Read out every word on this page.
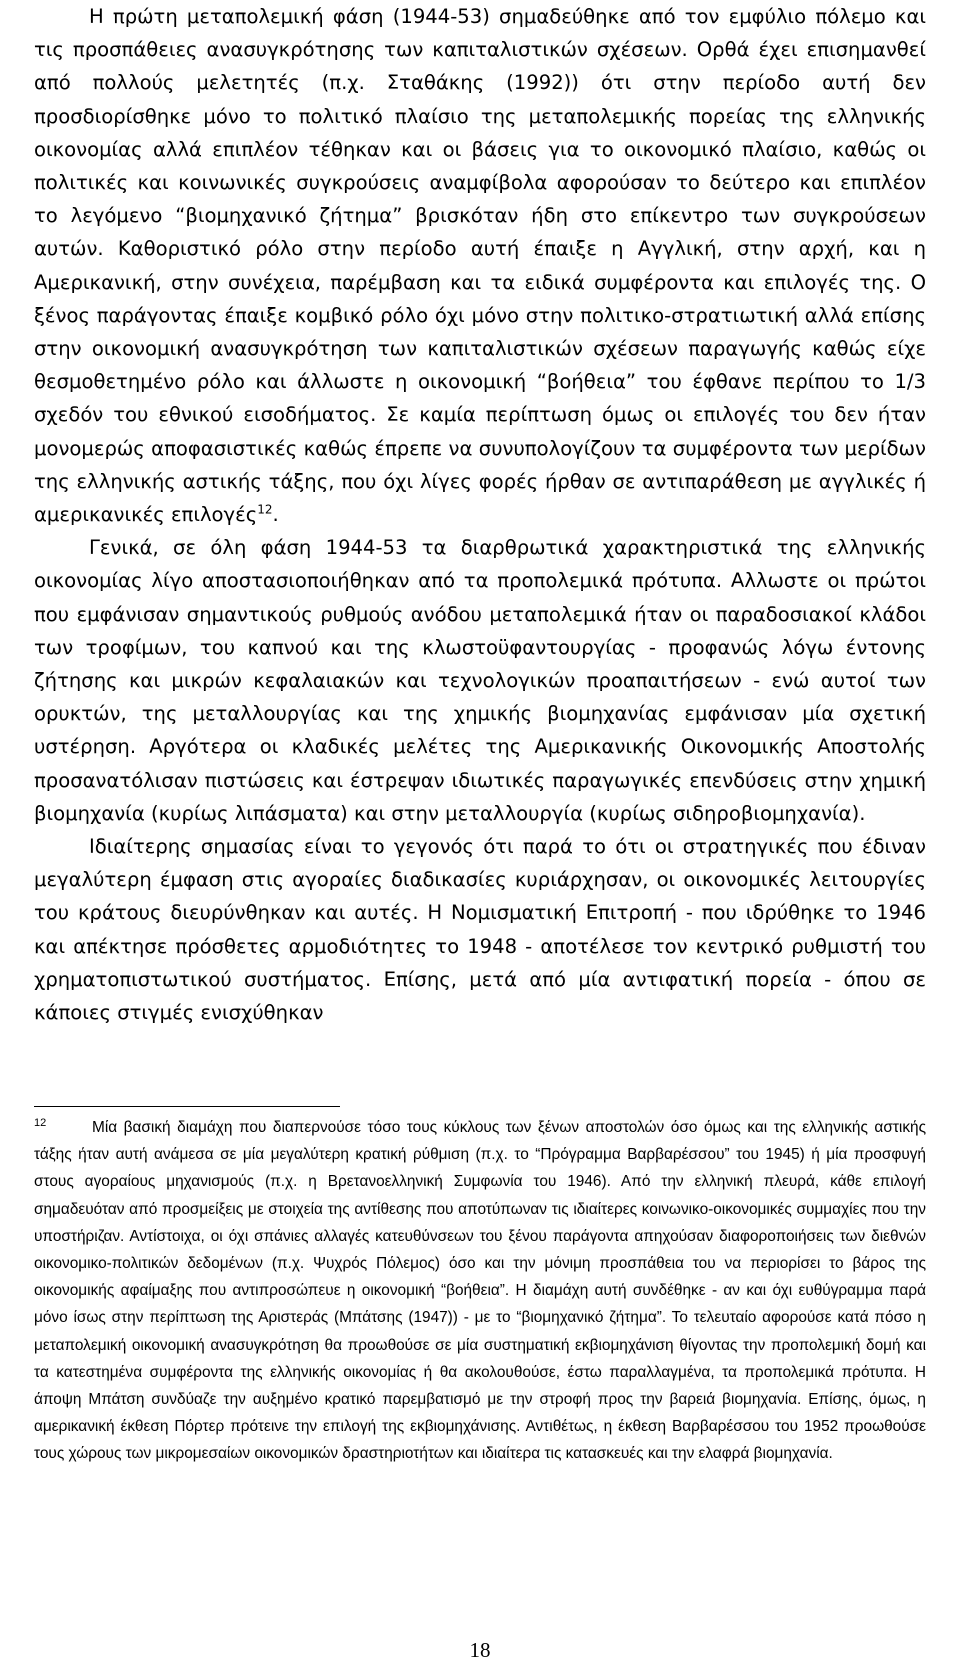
Η πρώτη μεταπολεμική φάση (1944-53) σημαδεύθηκε από τον εμφύλιο πόλεμο και τις προσπάθειες ανασυγκρότησης των καπιταλιστικών σχέσεων. Ορθά έχει επισημανθεί από πολλούς μελετητές (π.χ. Σταθάκης (1992)) ότι στην περίοδο αυτή δεν προσδιορίσθηκε μόνο το πολιτικό πλαίσιο της μεταπολεμικής πορείας της ελληνικής οικονομίας αλλά επιπλέον τέθηκαν και οι βάσεις για το οικονομικό πλαίσιο, καθώς οι πολιτικές και κοινωνικές συγκρούσεις αναμφίβολα αφορούσαν το δεύτερο και επιπλέον το λεγόμενο “βιομηχανικό ζήτημα” βρισκόταν ήδη στο επίκεντρο των συγκρούσεων αυτών. Καθοριστικό ρόλο στην περίοδο αυτή έπαιξε η Αγγλική, στην αρχή, και η Αμερικανική, στην συνέχεια, παρέμβαση και τα ειδικά συμφέροντα και επιλογές της. Ο ξένος παράγοντας έπαιξε κομβικό ρόλο όχι μόνο στην πολιτικο-στρατιωτική αλλά επίσης στην οικονομική ανασυγκρότηση των καπιταλιστικών σχέσεων παραγωγής καθώς είχε θεσμοθετημένο ρόλο και άλλωστε η οικονομική “βοήθεια” του έφθανε περίπου το 1/3 σχεδόν του εθνικού εισοδήματος. Σε καμία περίπτωση όμως οι επιλογές του δεν ήταν μονομερώς αποφασιστικές καθώς έπρεπε να συνυπολογίζουν τα συμφέροντα των μερίδων της ελληνικής αστικής τάξης, που όχι λίγες φορές ήρθαν σε αντιπαράθεση με αγγλικές ή αμερικανικές επιλογές$^{12}$.

Γενικά, σε όλη φάση 1944-53 τα διαρθρωτικά χαρακτηριστικά της ελληνικής οικονομίας λίγο αποστασιοποιήθηκαν από τα προπολεμικά πρότυπα. Αλλωστε οι πρώτοι που εμφάνισαν σημαντικούς ρυθμούς ανόδου μεταπολεμικά ήταν οι παραδοσιακοί κλάδοι των τροφίμων, του καπνού και της κλωστοϋφαντουργίας - προφανώς λόγω έντονης ζήτησης και μικρών κεφαλαιακών και τεχνολογικών προαπαιτήσεων - ενώ αυτοί των ορυκτών, της μεταλλουργίας και της χημικής βιομηχανίας εμφάνισαν μία σχετική υστέρηση. Αργότερα οι κλαδικές μελέτες της Αμερικανικής Οικονομικής Αποστολής προσανατόλισαν πιστώσεις και έστρεψαν ιδιωτικές παραγωγικές επενδύσεις στην χημική βιομηχανία (κυρίως λιπάσματα) και στην μεταλλουργία (κυρίως σιδηροβιομηχανία).

Ιδιαίτερης σημασίας είναι το γεγονός ότι παρά το ότι οι στρατηγικές που έδιναν μεγαλύτερη έμφαση στις αγοραίες διαδικασίες κυριάρχησαν, οι οικονομικές λειτουργίες του κράτους διευρύνθηκαν και αυτές. Η Νομισματική Επιτροπή - που ιδρύθηκε το 1946 και απέκτησε πρόσθετες αρμοδιότητες το 1948 - αποτέλεσε τον κεντρικό ρυθμιστή του χρηματοπιστωτικού συστήματος. Επίσης, μετά από μία αντιφατική πορεία - όπου σε κάποιες στιγμές ενισχύθηκαν

12	Μία βασική διαμάχη που διαπερνούσε τόσο τους κύκλους των ξένων αποστολών όσο όμως και της ελληνικής αστικής τάξης ήταν αυτή ανάμεσα σε μία μεγαλύτερη κρατική ρύθμιση (π.χ. το “Πρόγραμμα Βαρβαρέσσου” του 1945) ή μία προσφυγή στους αγοραίους μηχανισμούς (π.χ. η Βρετανοελληνική Συμφωνία του 1946). Από την ελληνική πλευρά, κάθε επιλογή σημαδευόταν από προσμείξεις με στοιχεία της αντίθεσης που αποτύπωναν τις ιδιαίτερες κοινωνικο-οικονομικές συμμαχίες που την υποστήριζαν. Αντίστοιχα, οι όχι σπάνιες αλλαγές κατευθύνσεων του ξένου παράγοντα απηχούσαν διαφοροποιήσεις των διεθνών οικονομικο-πολιτικών δεδομένων (π.χ. Ψυχρός Πόλεμος) όσο και την μόνιμη προσπάθεια του να περιορίσει το βάρος της οικονομικής αφαίμαξης που αντιπροσώπευε η οικονομική “βοήθεια”. Η διαμάχη αυτή συνδέθηκε - αν και όχι ευθύγραμμα παρά μόνο ίσως στην περίπτωση της Αριστεράς (Μπάτσης (1947)) - με το “βιομηχανικό ζήτημα”. Το τελευταίο αφορούσε κατά πόσο η μεταπολεμική οικονομική ανασυγκρότηση θα προωθούσε σε μία συστηματική εκβιομηχάνιση θίγοντας την προπολεμική δομή και τα κατεστημένα συμφέροντα της ελληνικής οικονομίας ή θα ακολουθούσε, έστω παραλλαγμένα, τα προπολεμικά πρότυπα. Η άποψη Μπάτση συνδύαζε την αυξημένο κρατικό παρεμβατισμό με την στροφή προς την βαρειά βιομηχανία. Επίσης, όμως, η αμερικανική έκθεση Πόρτερ πρότεινε την επιλογή της εκβιομηχάνισης. Αντιθέτως, η έκθεση Βαρβαρέσσου του 1952 προωθούσε τους χώρους των μικρομεσαίων οικονομικών δραστηριοτήτων και ιδιαίτερα τις κατασκευές και την ελαφρά βιομηχανία.

18
